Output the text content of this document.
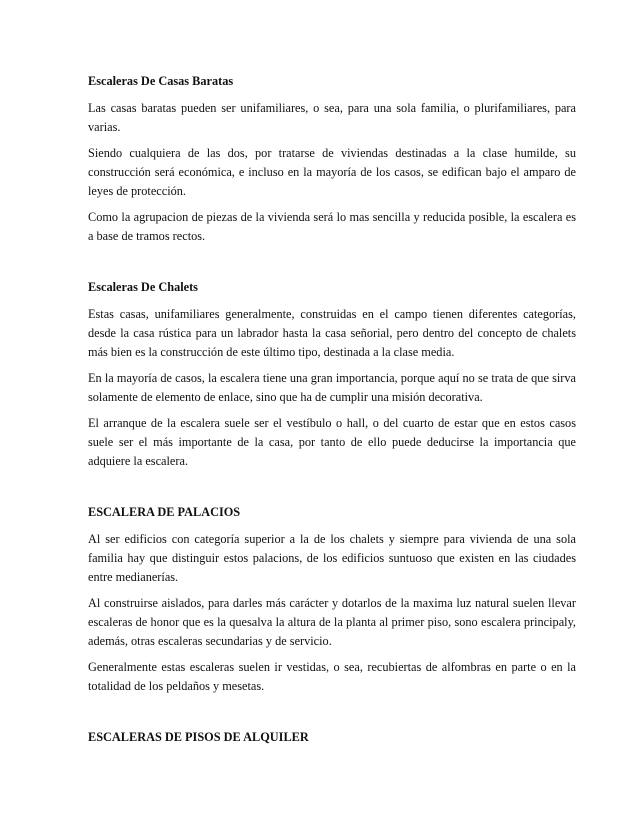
Escaleras De Casas Baratas

Las casas baratas pueden ser unifamiliares, o sea, para una sola familia, o plurifamiliares, para varias.

Siendo cualquiera de las dos, por tratarse de viviendas destinadas a la clase humilde, su construcción será económica, e incluso en la mayoría de los casos, se edifican bajo el amparo de leyes de protección.

Como la agrupacion de piezas de la vivienda será lo mas sencilla y reducida posible, la escalera es a base de tramos rectos.

Escaleras De Chalets

Estas casas, unifamiliares generalmente, construidas en el campo tienen diferentes categorías, desde la casa rústica para un labrador hasta la casa señorial, pero dentro del concepto de chalets más bien es la construcción de este último tipo, destinada a la clase media.

En la mayoría de casos, la escalera tiene una gran importancia, porque aquí no se trata de que sirva solamente de elemento de enlace, sino que ha de cumplir una misión decorativa.

El arranque de la escalera suele ser el vestíbulo o hall, o del cuarto de estar que en estos casos suele ser el más importante de la casa, por tanto de ello puede deducirse la importancia que adquiere la escalera.

ESCALERA DE PALACIOS

Al ser edificios con categoría superior a la de los chalets y siempre para vivienda de una sola familia hay que distinguir estos palacions, de los edificios suntuoso que existen en las ciudades entre medianerías.

Al construirse aislados, para darles más carácter y dotarlos de la maxima luz natural suelen llevar escaleras de honor que es la quesalva la altura de la planta al primer piso, sono escalera principaly, además, otras escaleras secundarias y de servicio.

Generalmente estas escaleras suelen ir vestidas, o sea, recubiertas de alfombras en parte o en la totalidad de los peldaños y mesetas.

ESCALERAS DE PISOS DE ALQUILER
